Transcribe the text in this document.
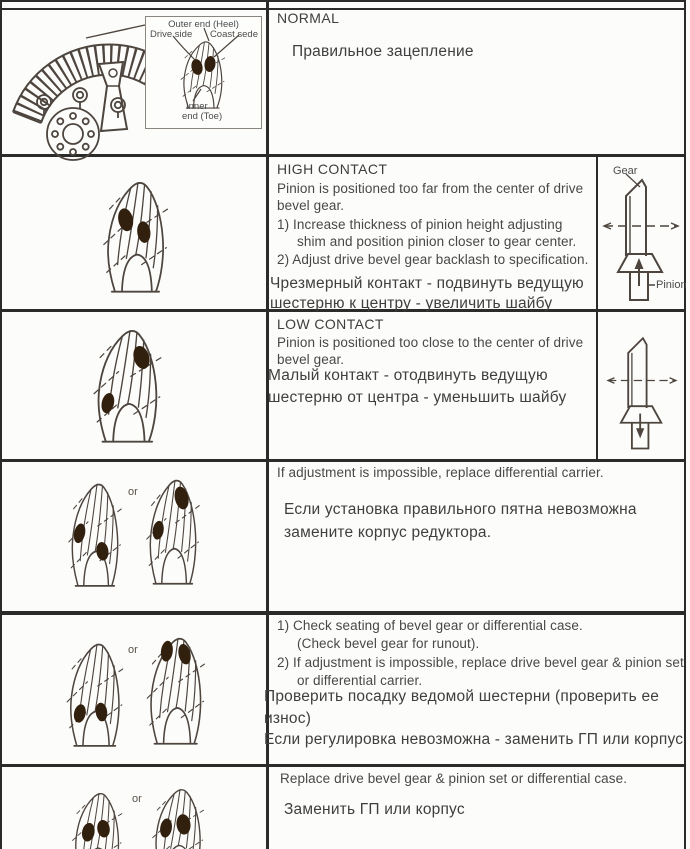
NORMAL
Правильное зацепление
Outer end (Heel)
Drive side Coast sede
Inner
end (Toe)
HIGH CONTACT
Pinion is positioned too far from the center of drive
bevel gear.
1) Increase thickness of pinion height adjusting
shim and position pinion closer to gear center.
2) Adjust drive bevel gear backlash to specification.
Чрезмерный контакт - подвинуть ведущую
шестерню к центру - увеличить шайбу
Gear
Pinion
LOW CONTACT
Pinion is positioned too close to the center of drive
bevel gear.
Малый контакт - отодвинуть ведущую
шестерню от центра - уменьшить шайбу
If adjustment is impossible, replace differential carrier.
Если установка правильного пятна невозможна
замените корпус редуктора.
or
1) Check seating of bevel gear or differential case.
(Check bevel gear for runout).
2) If adjustment is impossible, replace drive bevel gear & pinion set
or differential carrier.
Проверить посадку ведомой шестерни (проверить ее
износ)
Если регулировка невозможна - заменить ГП или корпус
or
Replace drive bevel gear & pinion set or differential case.
Заменить ГП или корпус
or
